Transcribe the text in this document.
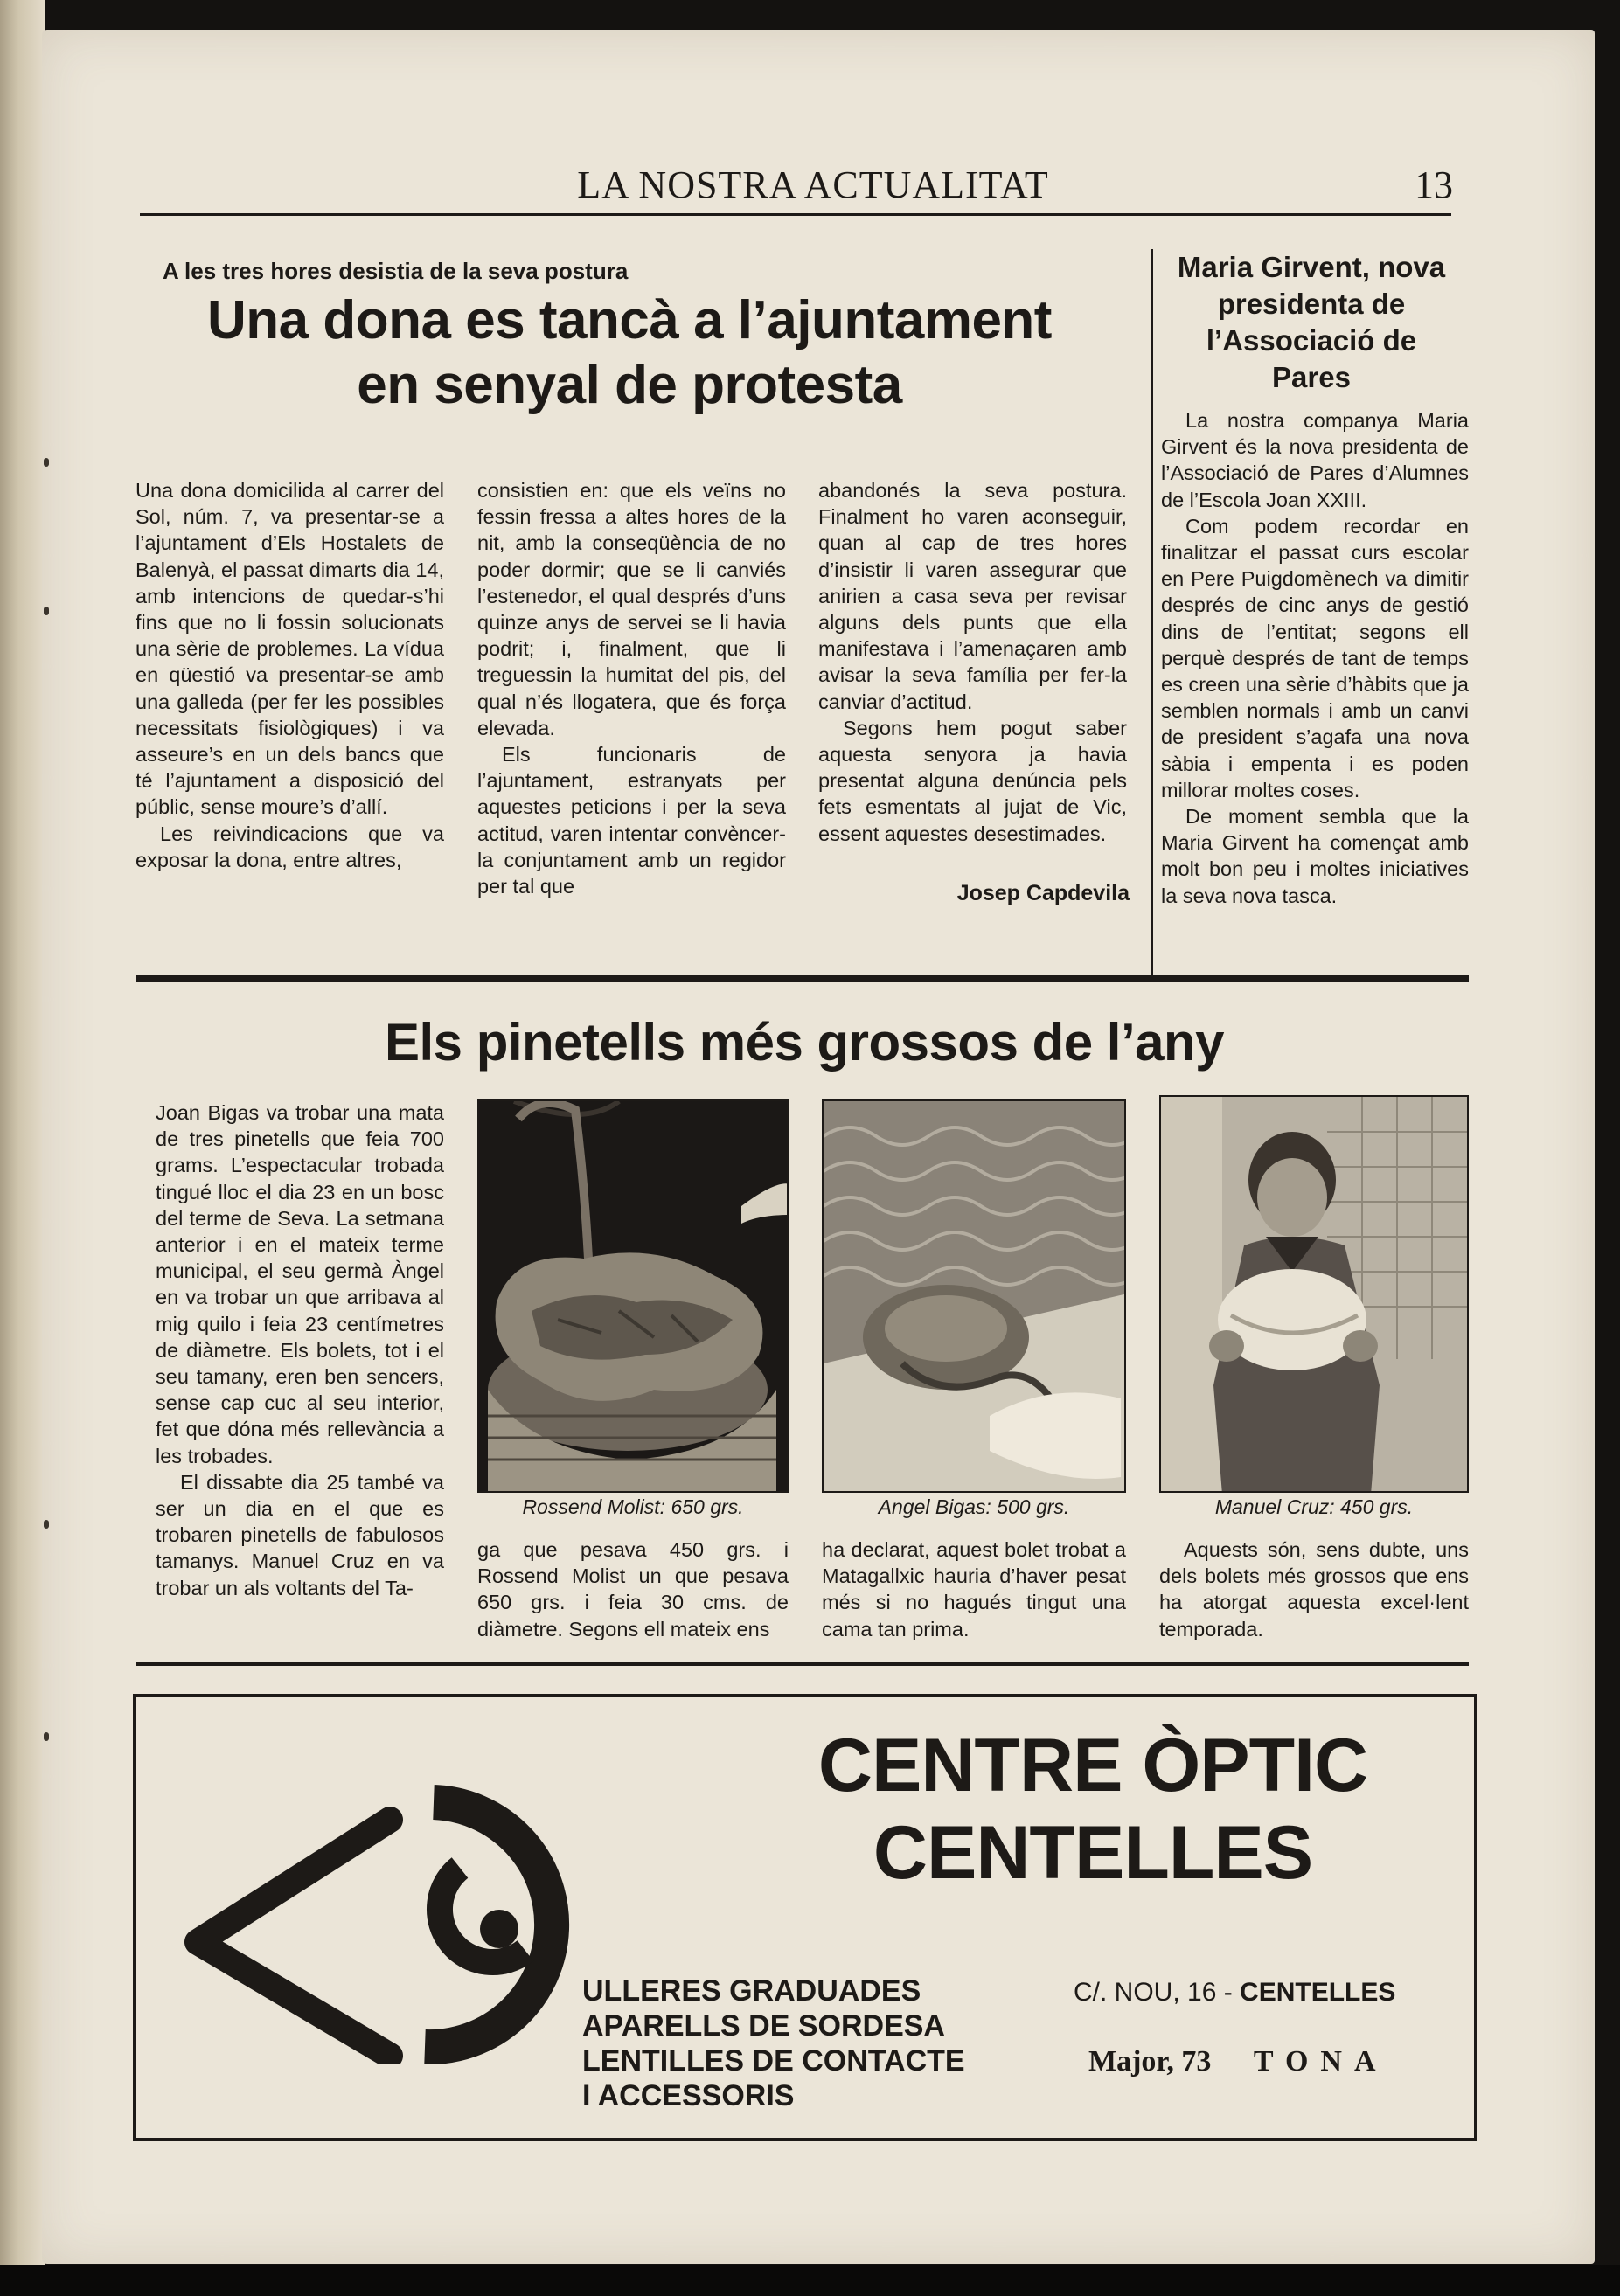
LA NOSTRA ACTUALITAT	13
A les tres hores desistia de la seva postura
Una dona es tancà a l’ajuntament
en senyal de protesta

Una dona domicilida al carrer del Sol, núm. 7, va presentar-se a l’ajuntament d’Els Hostalets de Balenyà, el passat dimarts dia 14, amb intencions de quedar-s’hi fins que no li fossin solucionats una sèrie de problemes. La vídua en qüestió va presentar-se amb una galleda (per fer les possibles necessitats fisiològiques) i va asseure’s en un dels bancs que té l’ajuntament a disposició del públic, sense moure’s d’allí.

Les reivindicacions que va exposar la dona, entre altres,

consistien en: que els veïns no fessin fressa a altes hores de la nit, amb la conseqüència de no poder dormir; que se li canviés l’estenedor, el qual després d’uns quinze anys de servei se li havia podrit; i, finalment, que li treguessin la humitat del pis, del qual n’és llogatera, que és força elevada.

Els funcionaris de l’ajuntament, estranyats per aquestes peticions i per la seva actitud, varen intentar convèncer-la conjuntament amb un regidor per tal que

abandonés la seva postura. Finalment ho varen aconseguir, quan al cap de tres hores d’insistir li varen assegurar que anirien a casa seva per revisar alguns dels punts que ella manifestava i l’amenaçaren amb avisar la seva família per fer-la canviar d’actitud.

Segons hem pogut saber aquesta senyora ja havia presentat alguna denúncia pels fets esmentats al jujat de Vic, essent aquestes desestimades.

Josep Capdevila
Maria Girvent, nova
presidenta de
l’Associació de
Pares

La nostra companya Maria Girvent és la nova presidenta de l’Associació de Pares d’Alumnes de l’Escola Joan XXIII.

Com podem recordar en finalitzar el passat curs escolar en Pere Puigdomènech va dimitir després de cinc anys de gestió dins de l’entitat; segons ell perquè després de tant de temps es creen una sèrie d’hàbits que ja semblen normals i amb un canvi de president s’agafa una nova sàbia i empenta i es poden millorar moltes coses.

De moment sembla que la Maria Girvent ha començat amb molt bon peu i moltes iniciatives la seva nova tasca.

Els pinetells més grossos de l’any

Joan Bigas va trobar una mata de tres pinetells que feia 700 grams. L’espectacular trobada tingué lloc el dia 23 en un bosc del terme de Seva. La setmana anterior i en el mateix terme municipal, el seu germà Àngel en va trobar un que arribava al mig quilo i feia 23 centímetres de diàmetre. Els bolets, tot i el seu tamany, eren ben sencers, sense cap cuc al seu interior, fet que dóna més rellevància a les trobades.

El dissabte dia 25 també va ser un dia en el que es trobaren pinetells de fabulosos tamanys. Manuel Cruz en va trobar un als voltants del Ta-

Rossend Molist: 650 grs.	Angel Bigas: 500 grs.	Manuel Cruz: 450 grs.

ga que pesava 450 grs. i Rossend Molist un que pesava 650 grs. i feia 30 cms. de diàmetre. Segons ell mateix ens

ha declarat, aquest bolet trobat a Matagallxic hauria d’haver pesat més si no hagués tingut una cama tan prima.

Aquests són, sens dubte, uns dels bolets més grossos que ens ha atorgat aquesta excel·lent temporada.

CENTRE ÒPTIC
CENTELLES
ULLERES GRADUADES
APARELLS DE SORDESA
LENTILLES DE CONTACTE
I ACCESSORIS
C/. NOU, 16 - CENTELLES
Major, 73 TONA
